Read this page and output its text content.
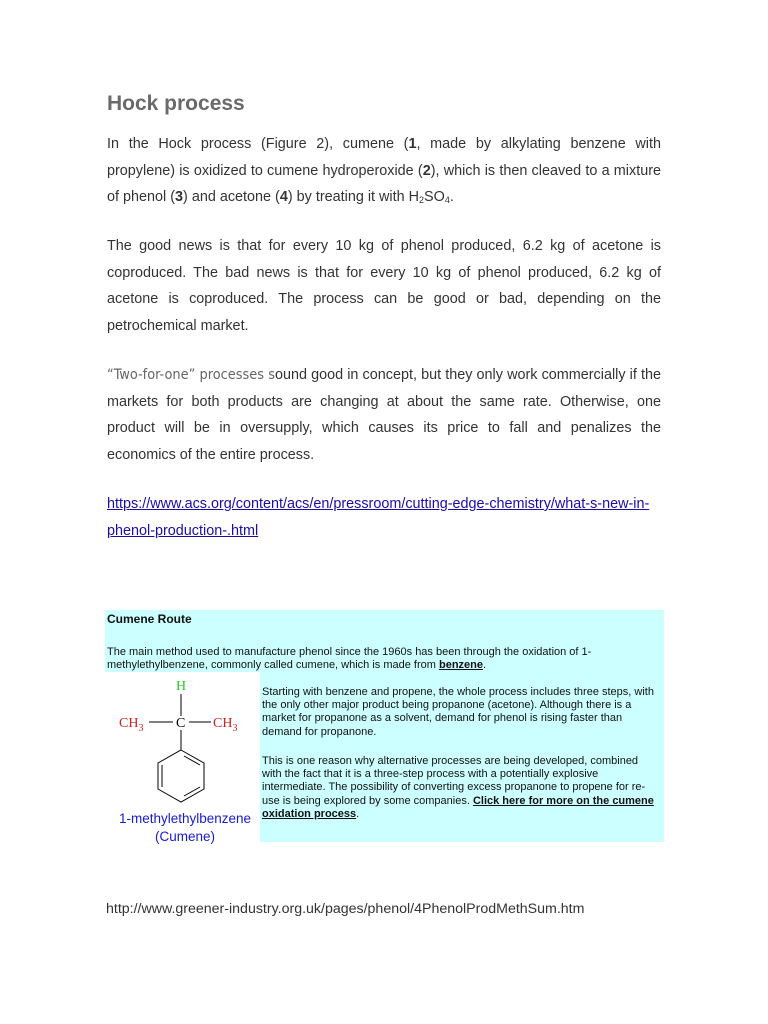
Hock process

In the Hock process (Figure 2), cumene (1, made by alkylating benzene with propylene) is oxidized to cumene hydroperoxide (2), which is then cleaved to a mixture of phenol (3) and acetone (4) by treating it with $H_2SO_4$.

The good news is that for every 10 kg of phenol produced, 6.2 kg of acetone is coproduced. The bad news is that for every 10 kg of phenol produced, 6.2 kg of acetone is coproduced. The process can be good or bad, depending on the petrochemical market.

“Two-for-one” processes sound good in concept, but they only work commercially if the markets for both products are changing at about the same rate. Otherwise, one product will be in oversupply, which causes its price to fall and penalizes the economics of the entire process.

https://www.acs.org/content/acs/en/pressroom/cutting-edge-chemistry/what-s-new-in-phenol-production-.html

Cumene Route

The main method used to manufacture phenol since the 1960s has been through the oxidation of 1-methylethylbenzene, commonly called cumene, which is made from benzene.

H
$CH_3$ C $CH_3$

1-methylethylbenzene

(Cumene)

Starting with benzene and propene, the whole process includes three steps, with the only other major product being propanone (acetone). Although there is a market for propanone as a solvent, demand for phenol is rising faster than demand for propanone.

This is one reason why alternative processes are being developed, combined with the fact that it is a three-step process with a potentially explosive intermediate. The possibility of converting excess propanone to propene for re-use is being explored by some companies. Click here for more on the cumene oxidation process.

http://www.greener-industry.org.uk/pages/phenol/4PhenolProdMethSum.htm
